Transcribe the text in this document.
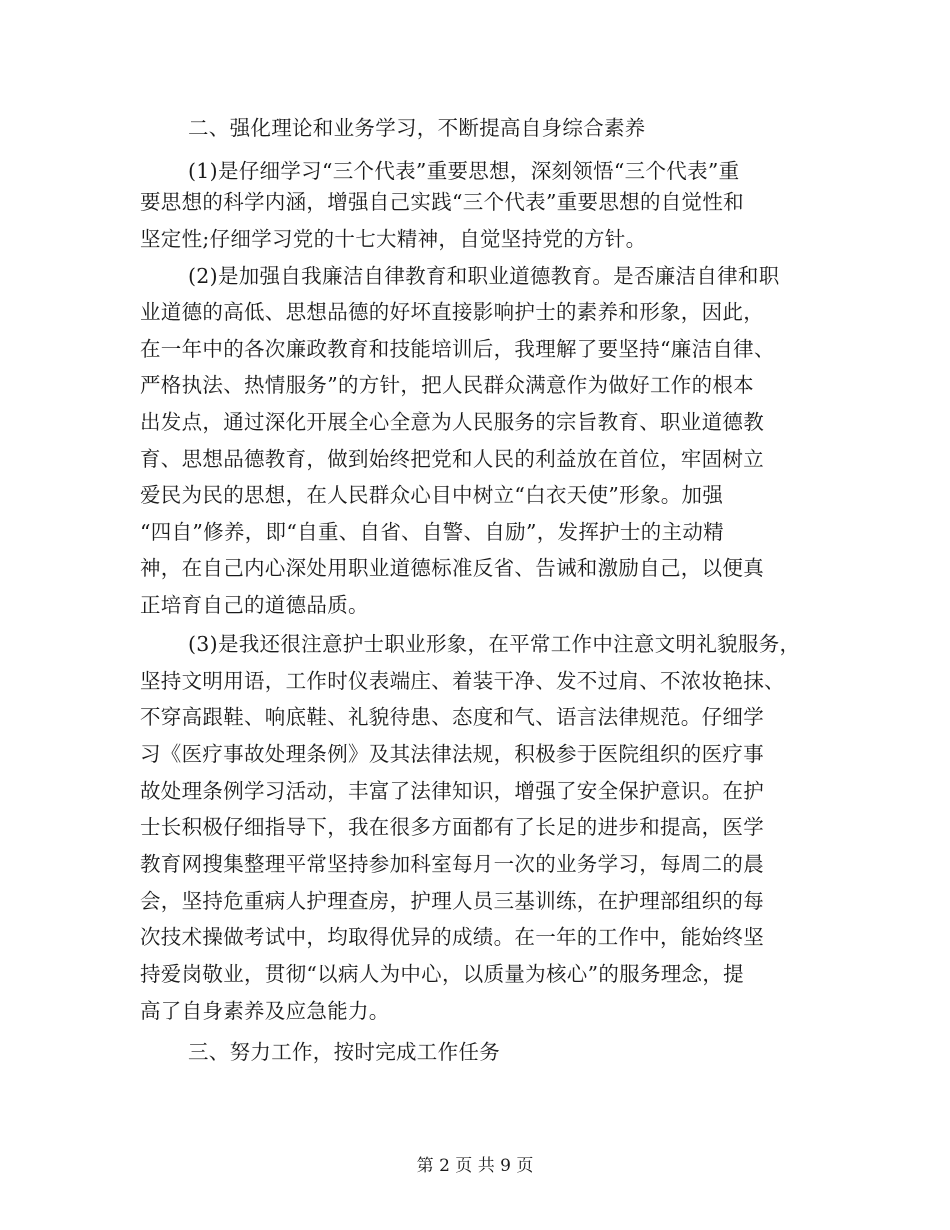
二、强化理论和业务学习，不断提高自身综合素养

(1)是仔细学习“三个代表”重要思想，深刻领悟“三个代表”重

要思想的科学内涵，增强自己实践“三个代表”重要思想的自觉性和

坚定性;仔细学习党的十七大精神，自觉坚持党的方针。

(2)是加强自我廉洁自律教育和职业道德教育。是否廉洁自律和职

业道德的高低、思想品德的好坏直接影响护士的素养和形象，因此，

在一年中的各次廉政教育和技能培训后，我理解了要坚持“廉洁自律、

严格执法、热情服务”的方针，把人民群众满意作为做好工作的根本

出发点，通过深化开展全心全意为人民服务的宗旨教育、职业道德教

育、思想品德教育，做到始终把党和人民的利益放在首位，牢固树立

爱民为民的思想，在人民群众心目中树立“白衣天使”形象。加强

“四自”修养，即“自重、自省、自警、自励”，发挥护士的主动精

神，在自己内心深处用职业道德标准反省、告诫和激励自己，以便真

正培育自己的道德品质。

(3)是我还很注意护士职业形象，在平常工作中注意文明礼貌服务，

坚持文明用语，工作时仪表端庄、着装干净、发不过肩、不浓妆艳抹、

不穿高跟鞋、响底鞋、礼貌待患、态度和气、语言法律规范。仔细学

习《医疗事故处理条例》及其法律法规，积极参于医院组织的医疗事

故处理条例学习活动，丰富了法律知识，增强了安全保护意识。在护

士长积极仔细指导下，我在很多方面都有了长足的进步和提高，医学

教育网搜集整理平常坚持参加科室每月一次的业务学习，每周二的晨

会，坚持危重病人护理查房，护理人员三基训练，在护理部组织的每

次技术操做考试中，均取得优异的成绩。在一年的工作中，能始终坚

持爱岗敬业，贯彻“以病人为中心，以质量为核心”的服务理念，提

高了自身素养及应急能力。

三、努力工作，按时完成工作任务

第 2 页 共 9 页
